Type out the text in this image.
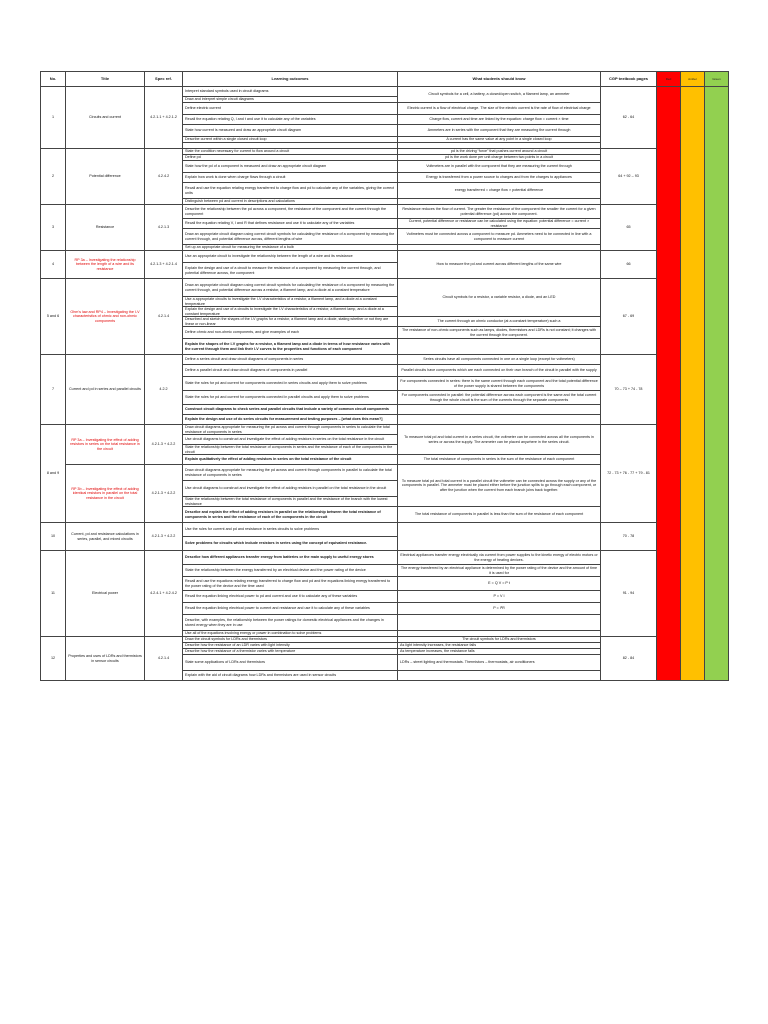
No.	Title	Spec ref.	Learning outcomes	What students should know	CGP textbook pages	Red	Amber	Green
1	Circuits and current	4.2.1.1 + 4.2.1.2	Interpret standard symbols used in circuit diagrams	Circuit symbols for a cell, a battery, a closed/open switch, a filament lamp, an ammeter	62 - 64			
			Draw and interpret simple circuit diagrams					
			Define electric current	Electric current is a flow of electrical charge. The size of the electric current is the rate of flow of electrical charge				
			Recall the equation relating Q, I and t and use it to calculate any of the variables	Charge flow, current and time are linked by the equation: charge flow = current × time				
			State how current is measured and draw an appropriate circuit diagram	Ammeters are in series with the component that they are measuring the current through				
			Describe current within a single closed circuit loop	A current has the same value at any point in a single closed loop				

2	Potential difference	4.2.4.2	State the condition necessary for current to flow around a circuit	pd is the driving “force” that pushes current around a circuit	64 + 92 – 93			
			Define pd	pd is the work done per unit charge between two points in a circuit				
			State how the pd of a component is measured and draw an appropriate circuit diagram	Voltmeters are in parallel with the component that they are measuring the current through				
			Explain how work is done when charge flows through a circuit	Energy is transferred from a power source to charges and from the charges to appliances				
			Recall and use the equation relating energy transferred to charge flow and pd to calculate any of the variables, giving the correct units	energy transferred = charge flow × potential difference				
			Distinguish between pd and current in descriptions and calculations					
3	Resistance	4.2.1.3	Describe the relationship between the pd across a component, the resistance of the component and the current through the component	Resistance reduces the flow of current. The greater the resistance of the component the smaller the current for a given potential difference (pd) across the component.	65			
			Recall the equation relating V, I and R that defines resistance and use it to calculate any of the variables	Current, potential difference or resistance can be calculated using the equation: potential difference = current × resistance				
			Draw an appropriate circuit diagram using correct circuit symbols for calculating the resistance of a component by measuring the current through, and potential difference across, different lengths of wire	Voltmeters must be connected across a component to measure pd. Ammeters need to be connected in line with a component to measure current				
			Set up an appropriate circuit for measuring the resistance of a bulb					
4	RP 3a – Investigating the relationship between the length of a wire and its resistance	4.2.1.3 + 4.2.1.4	Use an appropriate circuit to investigate the relationship between the length of a wire and its resistance	How to measure the pd and current across different lengths of the same wire	66			
			Explain the design and use of a circuit to measure the resistance of a component by measuring the current through, and potential difference across, the component					
5 and 6	Ohm’s law and RP4 – Investigating the I-V characteristics of ohmic and non-ohmic components	4.2.1.4	Draw an appropriate circuit diagram using correct circuit symbols for calculating the resistance of a component by measuring the current through, and potential difference across a resistor, a filament lamp, and a diode at a constant temperature	Circuit symbols for a resistor, a variable resistor, a diode, and an LED	67 - 69			
			Use a appropriate circuits to investigate the I-V characteristics of a resistor, a filament lamp, and a diode at a constant temperature					
			Explain the design and use of a circuits to investigate the I-V characteristics of a resistor, a filament lamp, and a diode at a constant temperature					
			Described and sketch the shapes of the I-V graphs for a resistor, a filament lamp and a diode, stating whether or not they are linear or non-linear	The current through an ohmic conductor (at a constant temperature) such a				
			Define ohmic and non-ohmic components, and give examples of each	The resistance of non-ohmic components such as lamps, diodes, thermistors and LDRs is not constant; it changes with the current through the component.				
			Explain the shapes of the I-V graphs for a resistor, a filament lamp and a diode in terms of how resistance varies with the current through them and link their I-V curves to the properties and functions of each component					
7	Current and pd in series and parallel circuits	4.2.2	Define a series circuit and draw circuit diagrams of components in series	Series circuits have all components connected in one on a single loop (except for voltmeters)	70 – 73 + 74 - 78			
			Define a parallel circuit and draw circuit diagrams of components in parallel	Parallel circuits have components which are each connected on their own branch of the circuit in parallel with the supply				
			State the rules for pd and current for components connected in series circuits and apply them to solve problems	For components connected in series: there is the same current through each component and the total potential difference of the power supply is shared between the components				
			State the rules for pd and current for components connected in parallel circuits and apply them to solve problems	For components connected in parallel: the potential difference across each component is the same and the total current through the whole circuit is the sum of the currents through the separate components				
			Construct circuit diagrams to check series and parallel circuits that include a variety of common circuit components					
			Explain the design and use of dc series circuits for measurement and testing purposes – [what does this mean?]					
8 and 9	RP 3a – Investigating the effect of adding resistors in series on the total resistance in the circuit	4.2.1.3 + 4.2.2	Draw circuit diagrams appropriate for measuring the pd across and current through components in series to calculate the total resistance of components in series	To measure total pd and total current in a series circuit, the voltmeter can be connected across all the components in series or across the supply. The ammeter can be placed anywhere in the series circuit.	72 - 73 + 76 - 77 + 79 - 81			
			Use circuit diagrams to construct and investigate the effect of adding resistors in series on the total resistance in the circuit					
			State the relationship between the total resistance of components in series and the resistance of each of the components in the circuit					
			Explain qualitatively the effect of adding resistors in series on the total resistance of the circuit	The total resistance of components in series is the sum of the resistance of each component				
	RP 3b – Investigating the effect of adding identical resistors in parallel on the total resistance in the circuit	4.2.1.3 + 4.2.2	Draw circuit diagrams appropriate for measuring the pd across and current through components in parallel to calculate the total resistance of components in series	To measure total pd and total current in a parallel circuit the voltmeter can be connected across the supply or any of the components in parallel. The ammeter must be placed either before the junction splits to go through each component, or after the junction when the current from each branch joins back together.				
			Use circuit diagrams to construct and investigate the effect of adding resistors in parallel on the total resistance in the circuit					
			State the relationship between the total resistance of components in parallel and the resistance of the branch with the lowest resistance					
			Describe and explain the effect of adding resistors in parallel on the relationship between the total resistance of components in series and the resistance of each of the components in the circuit	The total resistance of components in parallel is less than the sum of the resistance of each component				
10	Current, pd and resistance calculations in series, parallel, and mixed circuits	4.2.1.3 + 4.2.2	Use the rules for current and pd and resistance in series circuits to solve problems		70 - 78			
			Solve problems for circuits which include resistors in series using the concept of equivalent resistance.					
11	Electrical power	4.2.4.1 + 4.2.4.2	Describe how different appliances transfer energy from batteries or the main supply to useful energy stores	Electrical appliances transfer energy electrically via current from power supplies to the kinetic energy of electric motors or the energy of heating devices.	91 - 94			
			State the relationship between the energy transferred by an electrical device and the power rating of the device	The energy transferred by an electrical appliance is determined by the power rating of the device and the amount of time it is used for				
			Recall and use the equations relating energy transferred to charge flow and pd and the equations linking energy transferred to the power rating of the device and the time used	E = Q V = P t				
			Recall the equation linking electrical power to pd and current and use it to calculate any of these variables	P = V I				
			Recall the equation linking electrical power to current and resistance and use it to calculate any of these variables	P = I²R				
			Describe, with examples, the relationship between the power ratings for domestic electrical appliances and the changes in stored energy when they are in use					
			Use all of the equations involving energy or power in combination to solve problems					
12	Properties and uses of LDRs and thermistors in sensor circuits	4.2.1.4	Draw the circuit symbols for LDRs and thermistors	The circuit symbols for LDRs and thermistors	82 - 84			
			Describe how the resistance of an LDR varies with light intensity	As light intensity increases, the resistance falls				
			Describe how the resistance of a thermistor varies with temperature	As temperature increases, the resistance falls				
			State some applications of LDRs and thermistors	LDRs – street lighting and thermostats. Thermistors – thermostats, air conditioners				
			Explain with the aid of circuit diagrams how LDRs and thermistors are used in sensor circuits					
